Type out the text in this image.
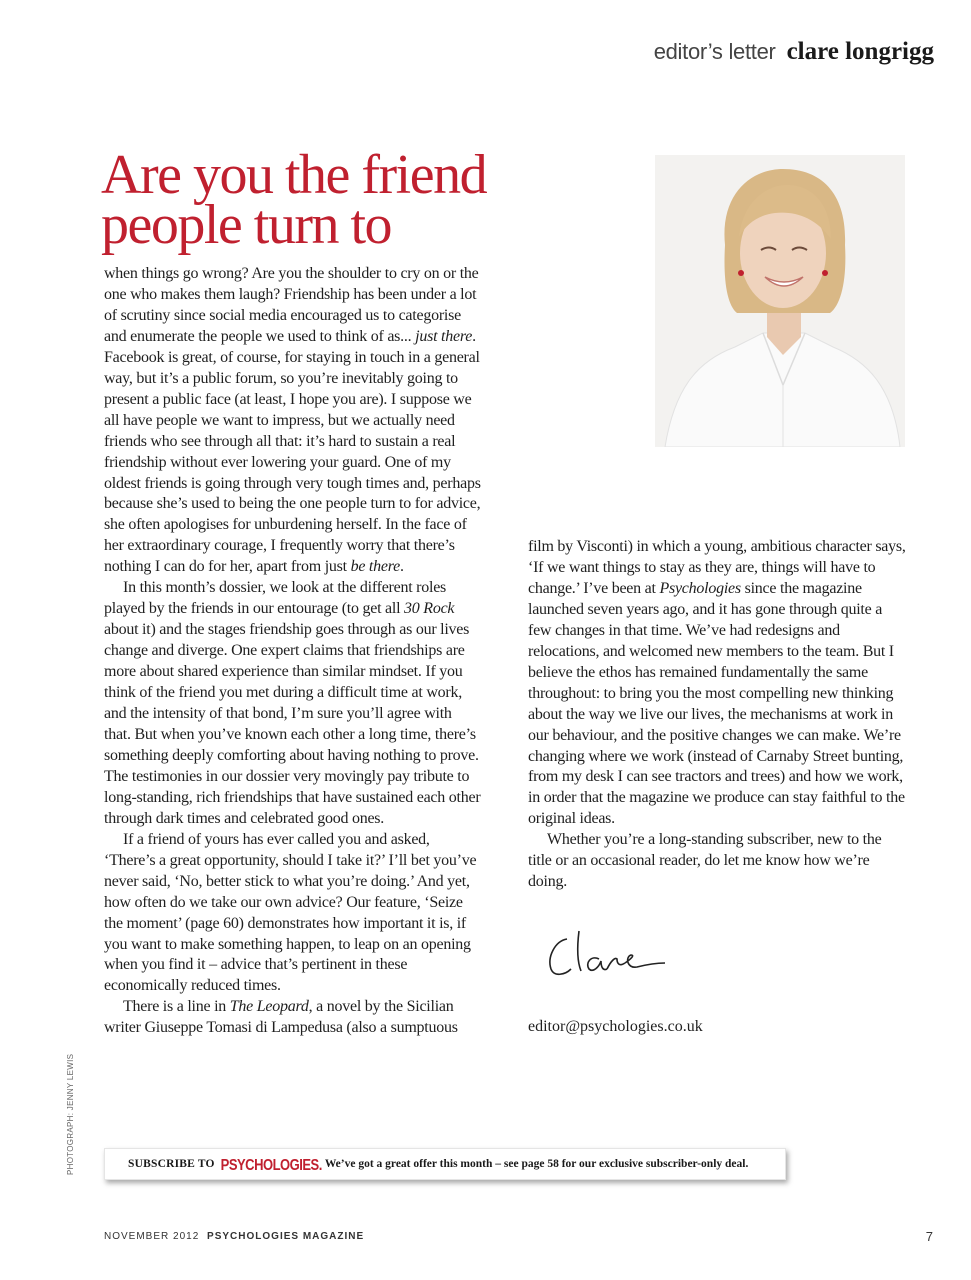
editor’s letter clare longrigg
Are you the friend people turn to

when things go wrong? Are you the shoulder to cry on or the one who makes them laugh? Friendship has been under a lot of scrutiny since social media encouraged us to categorise and enumerate the people we used to think of as... just there. Facebook is great, of course, for staying in touch in a general way, but it’s a public forum, so you’re inevitably going to present a public face (at least, I hope you are). I suppose we all have people we want to impress, but we actually need friends who see through all that: it’s hard to sustain a real friendship without ever lowering your guard. One of my oldest friends is going through very tough times and, perhaps because she’s used to being the one people turn to for advice, she often apologises for unburdening herself. In the face of her extraordinary courage, I frequently worry that there’s nothing I can do for her, apart from just be there.

In this month’s dossier, we look at the different roles played by the friends in our entourage (to get all 30 Rock about it) and the stages friendship goes through as our lives change and diverge. One expert claims that friendships are more about shared experience than similar mindset. If you think of the friend you met during a difficult time at work, and the intensity of that bond, I’m sure you’ll agree with that. But when you’ve known each other a long time, there’s something deeply comforting about having nothing to prove. The testimonies in our dossier very movingly pay tribute to long-standing, rich friendships that have sustained each other through dark times and celebrated good ones.

If a friend of yours has ever called you and asked, ‘There’s a great opportunity, should I take it?’ I’ll bet you’ve never said, ‘No, better stick to what you’re doing.’ And yet, how often do we take our own advice? Our feature, ‘Seize the moment’ (page 60) demonstrates how important it is, if you want to make something happen, to leap on an opening when you find it – advice that’s pertinent in these economically reduced times.

There is a line in The Leopard, a novel by the Sicilian writer Giuseppe Tomasi di Lampedusa (also a sumptuous

film by Visconti) in which a young, ambitious character says, ‘If we want things to stay as they are, things will have to change.’ I’ve been at Psychologies since the magazine launched seven years ago, and it has gone through quite a few changes in that time. We’ve had redesigns and relocations, and welcomed new members to the team. But I believe the ethos has remained fundamentally the same throughout: to bring you the most compelling new thinking about the way we live our lives, the mechanisms at work in our behaviour, and the positive changes we can make. We’re changing where we work (instead of Carnaby Street bunting, from my desk I can see tractors and trees) and how we work, in order that the magazine we produce can stay faithful to the original ideas.

Whether you’re a long-standing subscriber, new to the title or an occasional reader, do let me know how we’re doing.

editor@psychologies.co.uk
PHOTOGRAPH: JENNY LEWIS	SUBSCRIBE TO PSYCHOLOGIES. We’ve got a great offer this month – see page 58 for our exclusive subscriber-only deal.
NOVEMBER 2012 PSYCHOLOGIES MAGAZINE	7
